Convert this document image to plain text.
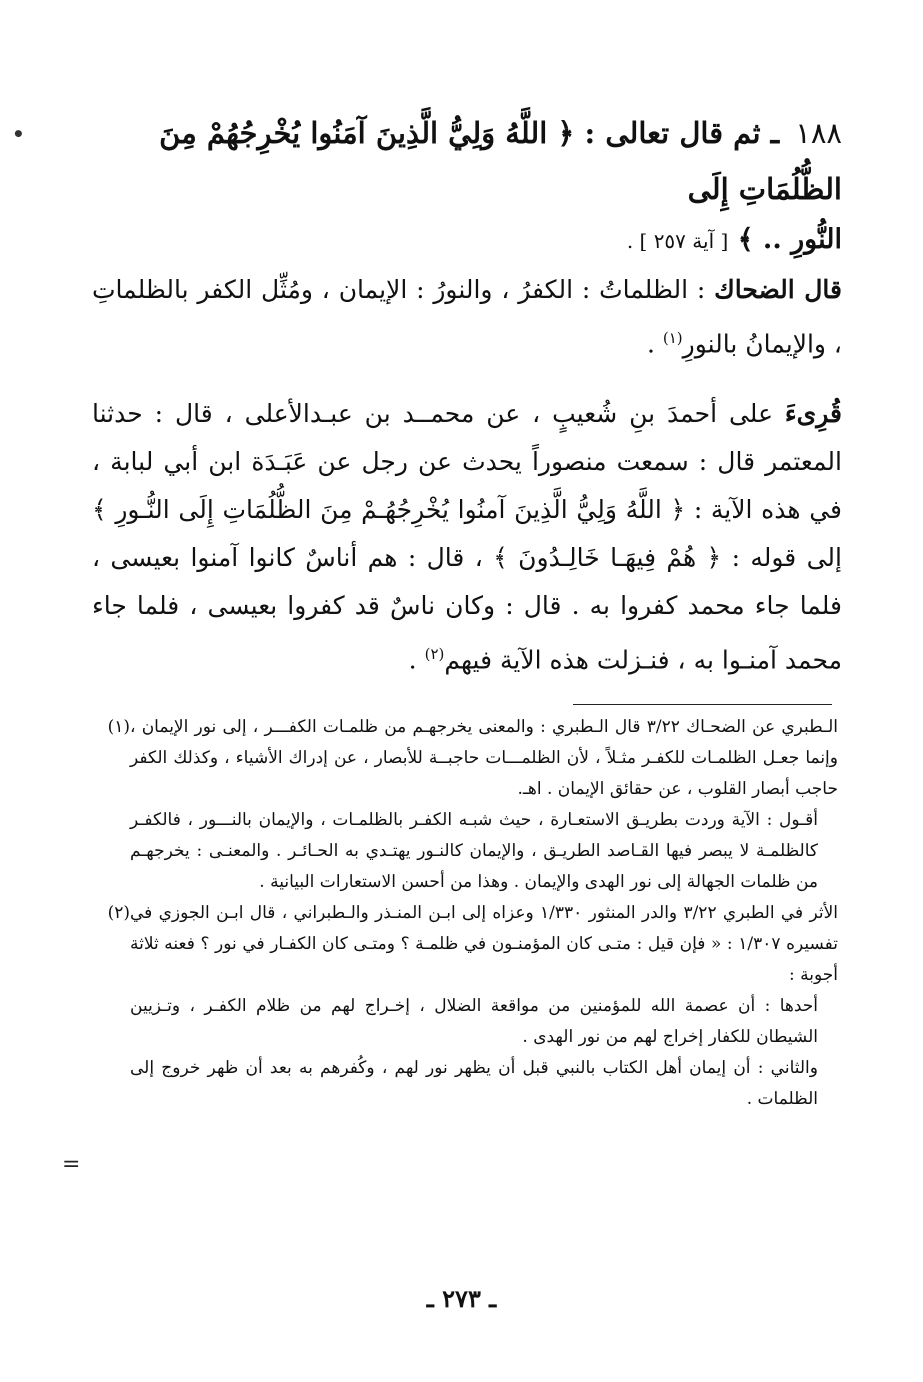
•
=

١٨٨ ـ ثم قال تعالى : ﴿ اللَّهُ وَلِيُّ الَّذِينَ آمَنُوا يُخْرِجُهُمْ مِنَ الظُّلُمَاتِ إِلَى

النُّورِ .. ﴾ [ آية ٢٥٧ ] .

قال الضحاك : الظلماتُ : الكفرُ ، والنورُ : الإيمان ، ومُثِّل الكفر بالظلماتِ ، والإيمانُ بالنورِ$^{(١)}$ .

قُرِىءَ على أحمدَ بنِ شُعيبٍ ، عن محمــد بن عبـدالأعلى ، قال : حدثنا المعتمر قال : سمعت منصوراً يحدث عن رجل عن عَبَـدَة ابن أبي لبابة ، في هذه الآية : ﴿ اللَّهُ وَلِيُّ الَّذِينَ آمنُوا يُخْرِجُهُـمْ مِنَ الظُّلُمَاتِ إِلَى النُّـورِ ﴾ إلى قوله : ﴿ هُمْ فِيهَـا خَالِـدُونَ ﴾ ، قال : هم أناسٌ كانوا آمنوا بعيسى ، فلما جاء محمد كفروا به . قال : وكان ناسٌ قد كفروا بعيسى ، فلما جاء محمد آمنـوا به ، فنـزلت هذه الآية فيهم$^{(٢)}$ .

(١) الـطبري عن الضحـاك ٣/٢٢ قال الـطبري : والمعنى يخرجهـم من ظلمـات الكفـــر ، إلى نور الإيمان ، وإنما جعـل الظلمـات للكفـر مثـلاً ، لأن الظلمـــات حاجبــة للأبصار ، عن إدراك الأشياء ، وكذلك الكفر حاجب أبصار القلوب ، عن حقائق الإيمان . اهـ.

أقـول : الآية وردت بطريـق الاستعـارة ، حيث شبـه الكفـر بالظلمـات ، والإيمان بالنـــور ، فالكفـر كالظلمـة لا يبصر فيها القـاصد الطريـق ، والإيمان كالنـور يهتـدي به الحـائـر . والمعنـى : يخرجهـم من ظلمات الجهالة إلى نور الهدى والإيمان . وهذا من أحسن الاستعارات البيانية .

(٢) الأثر في الطبري ٣/٢٢ والدر المنثور ١/٣٣٠ وعزاه إلى ابـن المنـذر والـطبراني ، قال ابـن الجوزي في تفسيره ١/٣٠٧ : « فإن قيل : متـى كان المؤمنـون في ظلمـة ؟ ومتـى كان الكفـار في نور ؟ فعنه ثلاثة أجوبة :

أحدها : أن عصمة الله للمؤمنين من مواقعة الضلال ، إخـراج لهم من ظلام الكفـر ، وتـزيين الشيطان للكفار إخراج لهم من نور الهدى .

والثاني : أن إيمان أهل الكتاب بالنبي قبل أن يظهر نور لهم ، وكُفرهم به بعد أن ظهر خروج إلى الظلمات .

ـ ٢٧٣ ـ
